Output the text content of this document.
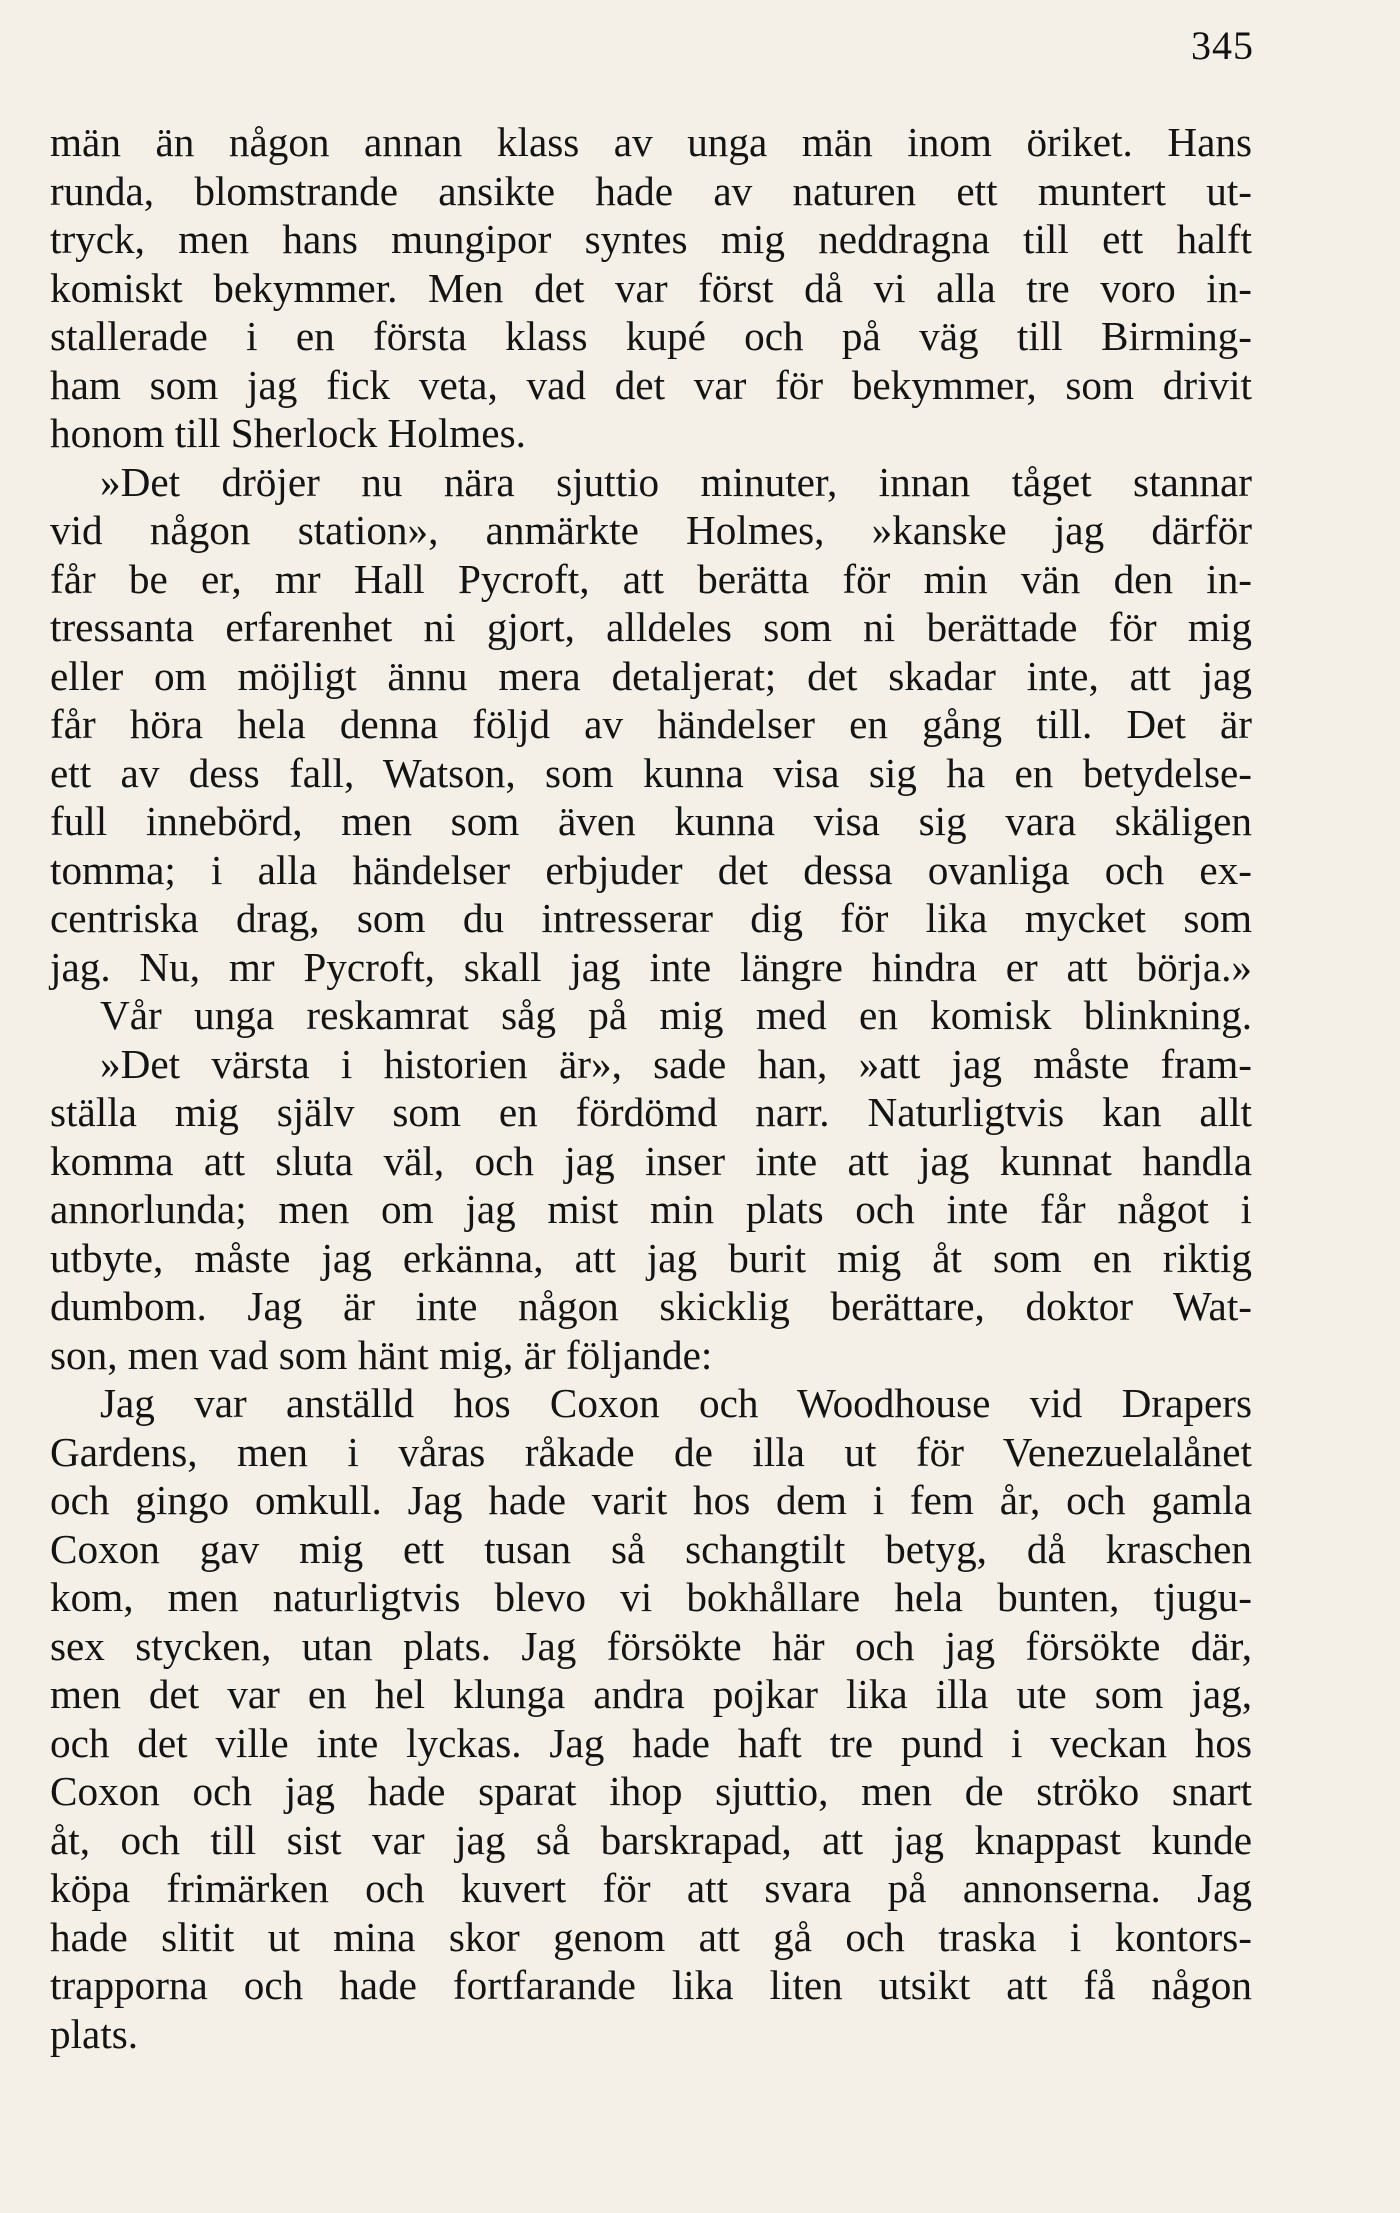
345
män än någon annan klass av unga män inom öriket. Hans
runda, blomstrande ansikte hade av naturen ett muntert ut-
tryck, men hans mungipor syntes mig neddragna till ett halft
komiskt bekymmer. Men det var först då vi alla tre voro in-
stallerade i en första klass kupé och på väg till Birming-
ham som jag fick veta, vad det var för bekymmer, som drivit
honom till Sherlock Holmes.
»Det dröjer nu nära sjuttio minuter, innan tåget stannar
vid någon station», anmärkte Holmes, »kanske jag därför
får be er, mr Hall Pycroft, att berätta för min vän den in-
tressanta erfarenhet ni gjort, alldeles som ni berättade för mig
eller om möjligt ännu mera detaljerat; det skadar inte, att jag
får höra hela denna följd av händelser en gång till. Det är
ett av dess fall, Watson, som kunna visa sig ha en betydelse-
full innebörd, men som även kunna visa sig vara skäligen
tomma; i alla händelser erbjuder det dessa ovanliga och ex-
centriska drag, som du intresserar dig för lika mycket som
jag. Nu, mr Pycroft, skall jag inte längre hindra er att börja.»
Vår unga reskamrat såg på mig med en komisk blinkning.
»Det värsta i historien är», sade han, »att jag måste fram-
ställa mig själv som en fördömd narr. Naturligtvis kan allt
komma att sluta väl, och jag inser inte att jag kunnat handla
annorlunda; men om jag mist min plats och inte får något i
utbyte, måste jag erkänna, att jag burit mig åt som en riktig
dumbom. Jag är inte någon skicklig berättare, doktor Wat-
son, men vad som hänt mig, är följande:
Jag var anställd hos Coxon och Woodhouse vid Drapers
Gardens, men i våras råkade de illa ut för Venezuelalånet
och gingo omkull. Jag hade varit hos dem i fem år, och gamla
Coxon gav mig ett tusan så schangtilt betyg, då kraschen
kom, men naturligtvis blevo vi bokhållare hela bunten, tjugu-
sex stycken, utan plats. Jag försökte här och jag försökte där,
men det var en hel klunga andra pojkar lika illa ute som jag,
och det ville inte lyckas. Jag hade haft tre pund i veckan hos
Coxon och jag hade sparat ihop sjuttio, men de ströko snart
åt, och till sist var jag så barskrapad, att jag knappast kunde
köpa frimärken och kuvert för att svara på annonserna. Jag
hade slitit ut mina skor genom att gå och traska i kontors-
trapporna och hade fortfarande lika liten utsikt att få någon
plats.
